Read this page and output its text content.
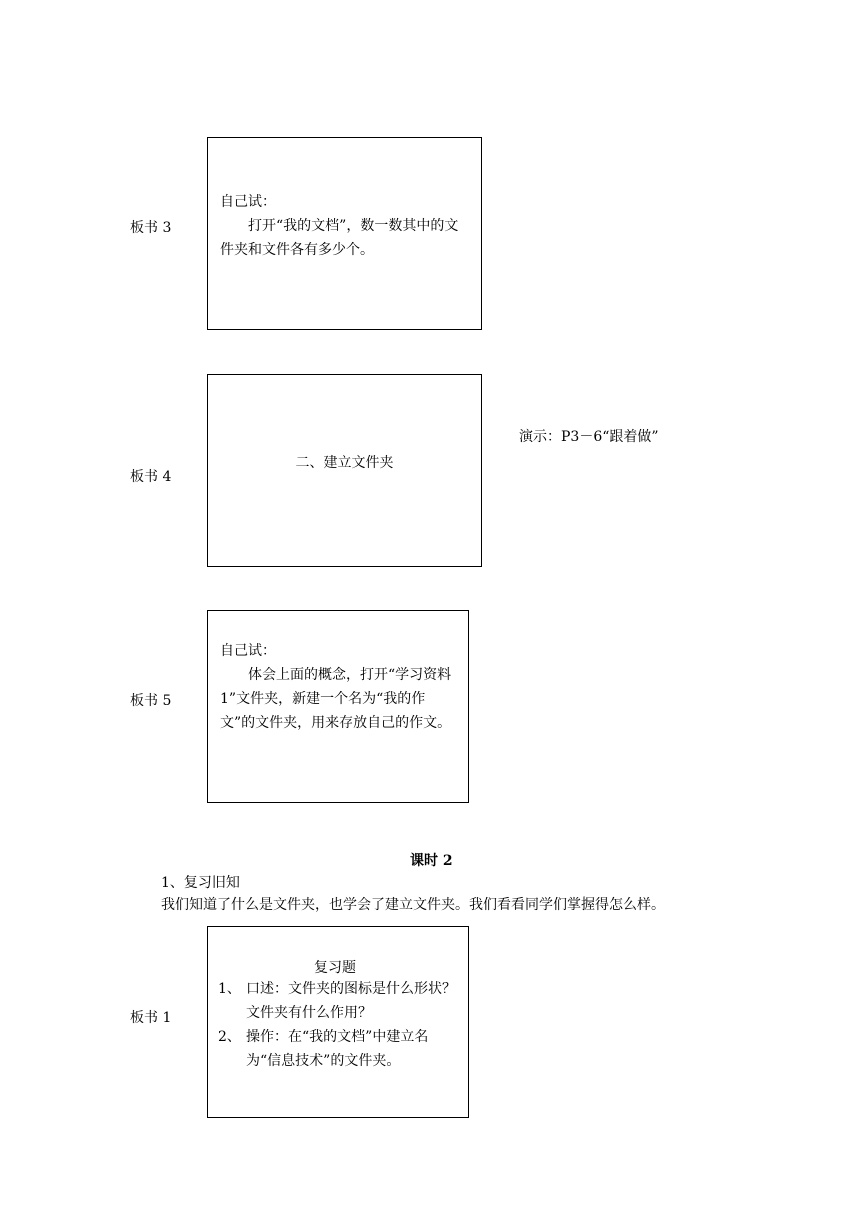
板书 3
自己试：
打开“我的文档”，数一数其中的文件夹和文件各有多少个。
板书 4
二、建立文件夹
演示：P3－6“跟着做”
板书 5
自己试：
体会上面的概念，打开“学习资料 1”文件夹，新建一个名为“我的作文”的文件夹，用来存放自己的作文。
课时 2
1、复习旧知
我们知道了什么是文件夹，也学会了建立文件夹。我们看看同学们掌握得怎么样。
板书 1
复习题
1、 口述：文件夹的图标是什么形状？文件夹有什么作用？
2、 操作：在“我的文档”中建立名为“信息技术”的文件夹。
